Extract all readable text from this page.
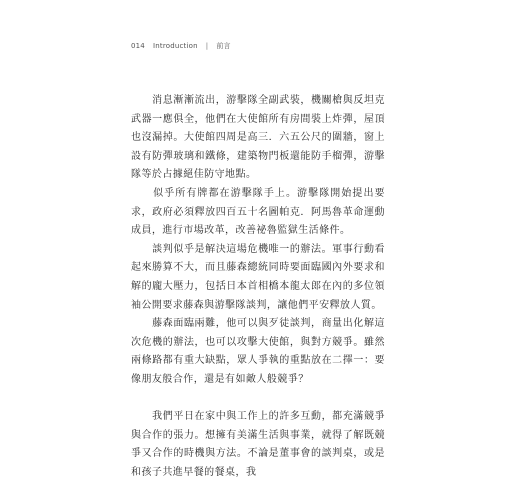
014 Introduction | 前言

　　消息漸漸流出，游擊隊全副武裝，機關槍與反坦克武器一應俱全，他們在大使館所有房間裝上炸彈，屋頂也沒漏掉。大使館四周是高三．六五公尺的圍牆，窗上設有防彈玻璃和鐵條，建築物門板還能防手榴彈，游擊隊等於占據絕佳防守地點。

　　似乎所有牌都在游擊隊手上。游擊隊開始提出要求，政府必須釋放四百五十名圖帕克．阿馬魯革命運動成員，進行市場改革，改善祕魯監獄生活條件。

　　談判似乎是解決這場危機唯一的辦法。軍事行動看起來勝算不大，而且藤森總統同時要面臨國內外要求和解的龐大壓力，包括日本首相橋本龍太郎在內的多位領袖公開要求藤森與游擊隊談判，讓他們平安釋放人質。

　　藤森面臨兩難，他可以與歹徒談判，商量出化解這次危機的辦法，也可以攻擊大使館，與對方競爭。雖然兩條路都有重大缺點，眾人爭執的重點放在二擇一：要像朋友般合作，還是有如敵人般競爭？

　　我們平日在家中與工作上的許多互動，都充滿競爭與合作的張力。想擁有美滿生活與事業，就得了解既競爭又合作的時機與方法。不論是董事會的談判桌，或是和孩子共進早餐的餐桌，我
